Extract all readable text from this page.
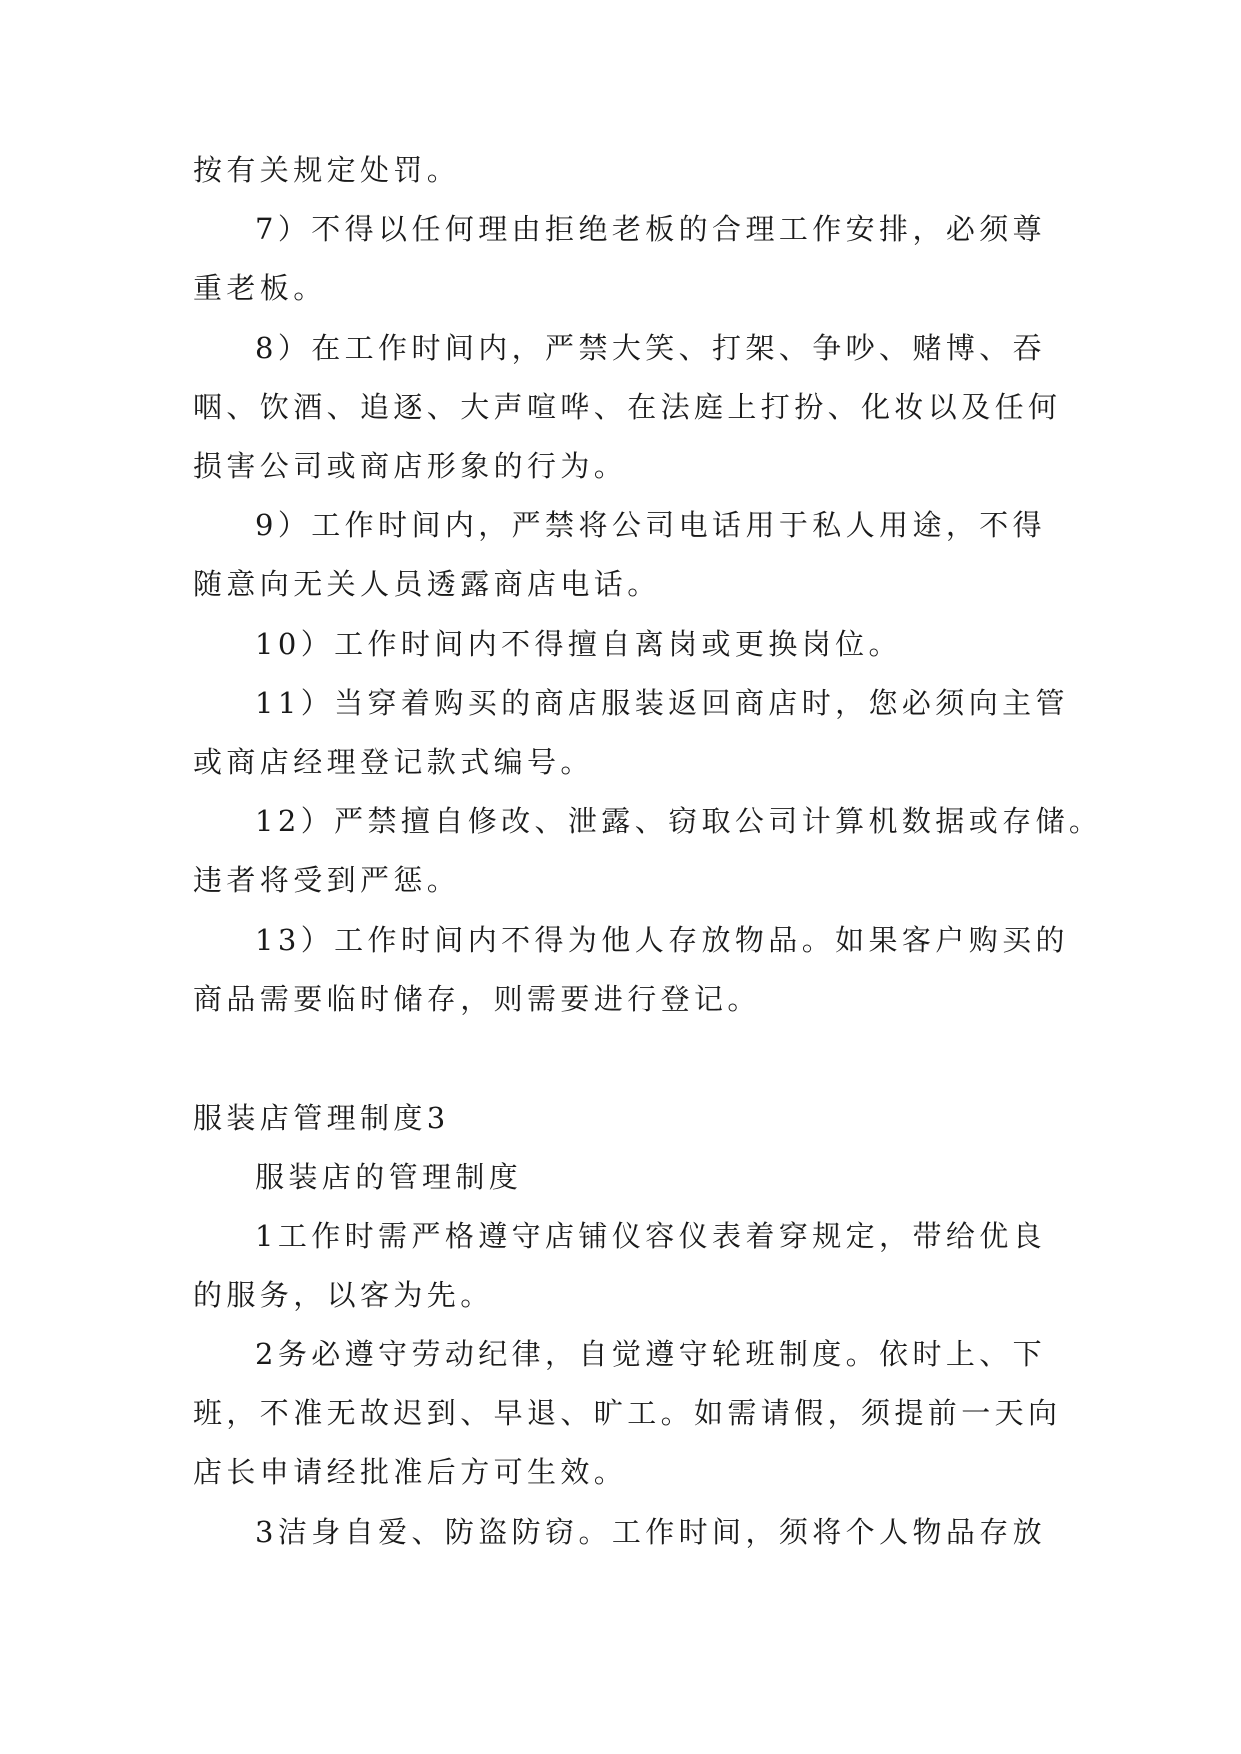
按有关规定处罚。
7）不得以任何理由拒绝老板的合理工作安排，必须尊
重老板。
8）在工作时间内，严禁大笑、打架、争吵、赌博、吞
咽、饮酒、追逐、大声喧哗、在法庭上打扮、化妆以及任何
损害公司或商店形象的行为。
9）工作时间内，严禁将公司电话用于私人用途，不得
随意向无关人员透露商店电话。
10）工作时间内不得擅自离岗或更换岗位。
11）当穿着购买的商店服装返回商店时，您必须向主管
或商店经理登记款式编号。
12）严禁擅自修改、泄露、窃取公司计算机数据或存储。
违者将受到严惩。
13）工作时间内不得为他人存放物品。如果客户购买的
商品需要临时储存，则需要进行登记。
服装店管理制度3
服装店的管理制度
1工作时需严格遵守店铺仪容仪表着穿规定，带给优良
的服务，以客为先。
2务必遵守劳动纪律，自觉遵守轮班制度。依时上、下
班，不准无故迟到、早退、旷工。如需请假，须提前一天向
店长申请经批准后方可生效。
3洁身自爱、防盗防窃。工作时间，须将个人物品存放
